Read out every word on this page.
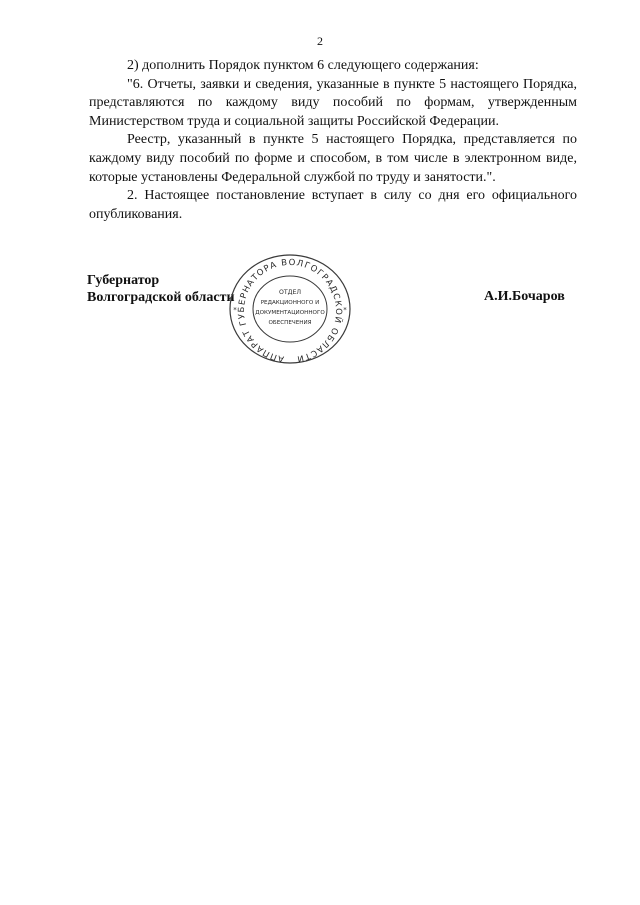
2

2) дополнить Порядок пунктом 6 следующего содержания:

"6. Отчеты, заявки и сведения, указанные в пункте 5 настоящего Порядка, представляются по каждому виду пособий по формам, утвержденным Министерством труда и социальной защиты Российской Федерации.

Реестр, указанный в пункте 5 настоящего Порядка, представляется по каждому виду пособий по форме и способом, в том числе в электронном виде, которые установлены Федеральной службой по труду и занятости.".

2. Настоящее постановление вступает в силу со дня его официального опубликования.

Губернатор
Волгоградской области
АППАРАТ ГУБЕРНАТОРА ВОЛГОГРАДСКОЙ ОБЛАСТИ
*	*
ОТДЕЛ
РЕДАКЦИОННОГО И
ДОКУМЕНТАЦИОННОГО
ОБЕСПЕЧЕНИЯ
А.И.Бочаров
